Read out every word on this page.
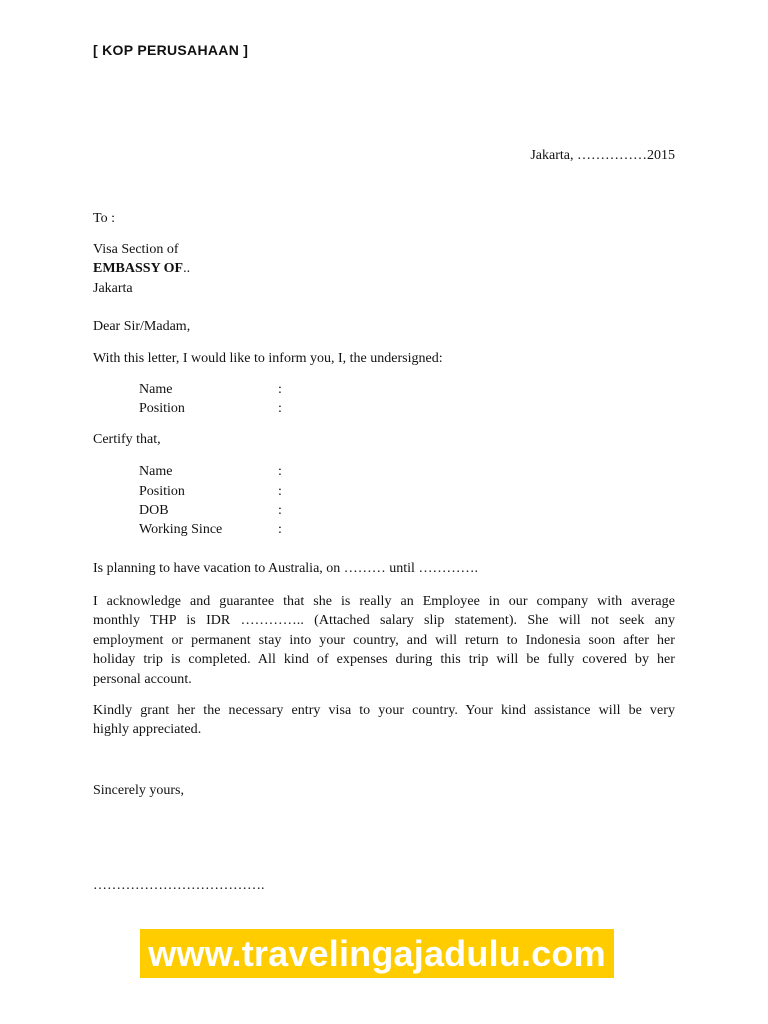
[ KOP PERUSAHAAN ]
Jakarta, ……………2015
To :
Visa Section of
EMBASSY OF..
Jakarta
Dear Sir/Madam,
With this letter, I would like to inform you, I, the undersigned:
Name	:
Position	:
Certify that,
Name	:
Position	:
DOB	:
Working Since	:
Is planning to have vacation to Australia, on ……… until ………….
I acknowledge and guarantee that she is really an Employee in our company with average
monthly THP is IDR ………….. (Attached salary slip statement). She will not seek any
employment or permanent stay into your country, and will return to Indonesia soon after her
holiday trip is completed. All kind of expenses during this trip will be fully covered by her
personal account.
Kindly grant her the necessary entry visa to your country. Your kind assistance will be very
highly appreciated.
Sincerely yours,
……………………………….
www.travelingajadulu.com
